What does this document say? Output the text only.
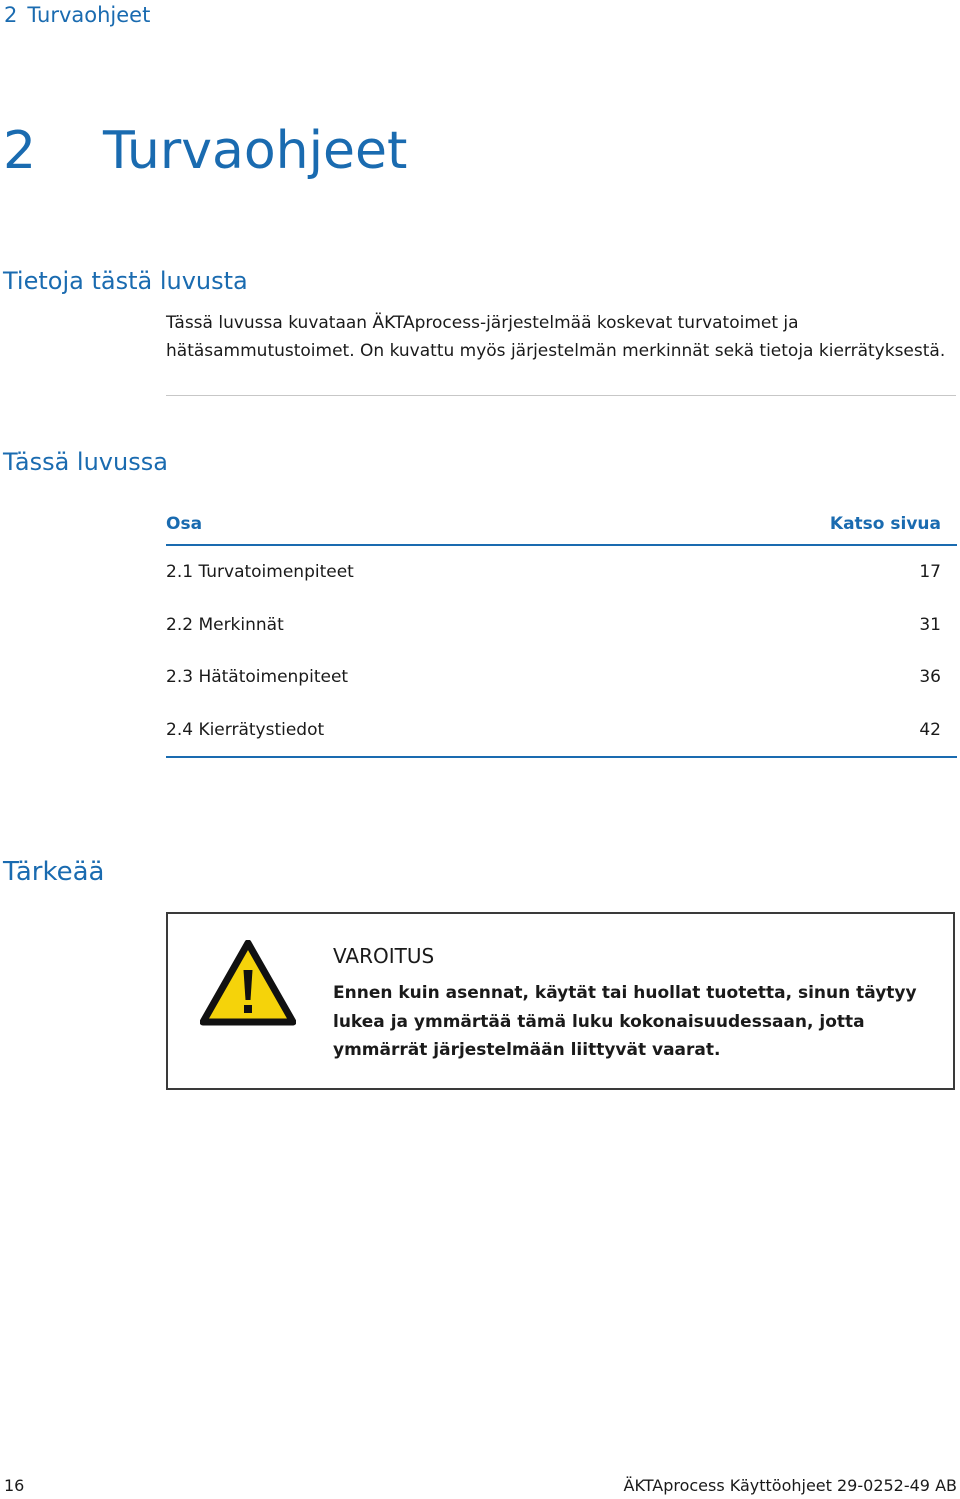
2 Turvaohjeet
2 Turvaohjeet
Tietoja tästä luvusta

Tässä luvussa kuvataan ÄKTAprocess-järjestelmää koskevat turvatoimet ja hätäsammutustoimet. On kuvattu myös järjestelmän merkinnät sekä tietoja kierrätyksestä.

Tässä luvussa
Osa	Katso sivua
2.1 Turvatoimenpiteet	17
2.2 Merkinnät	31
2.3 Hätätoimenpiteet	36
2.4 Kierrätystiedot	42
Tärkeää
VAROITUS

Ennen kuin asennat, käytät tai huollat tuotetta, sinun täytyy lukea ja ymmärtää tämä luku kokonaisuudessaan, jotta ymmärrät järjestelmään liittyvät vaarat.

16	ÄKTAprocess Käyttöohjeet 29-0252-49 AB
